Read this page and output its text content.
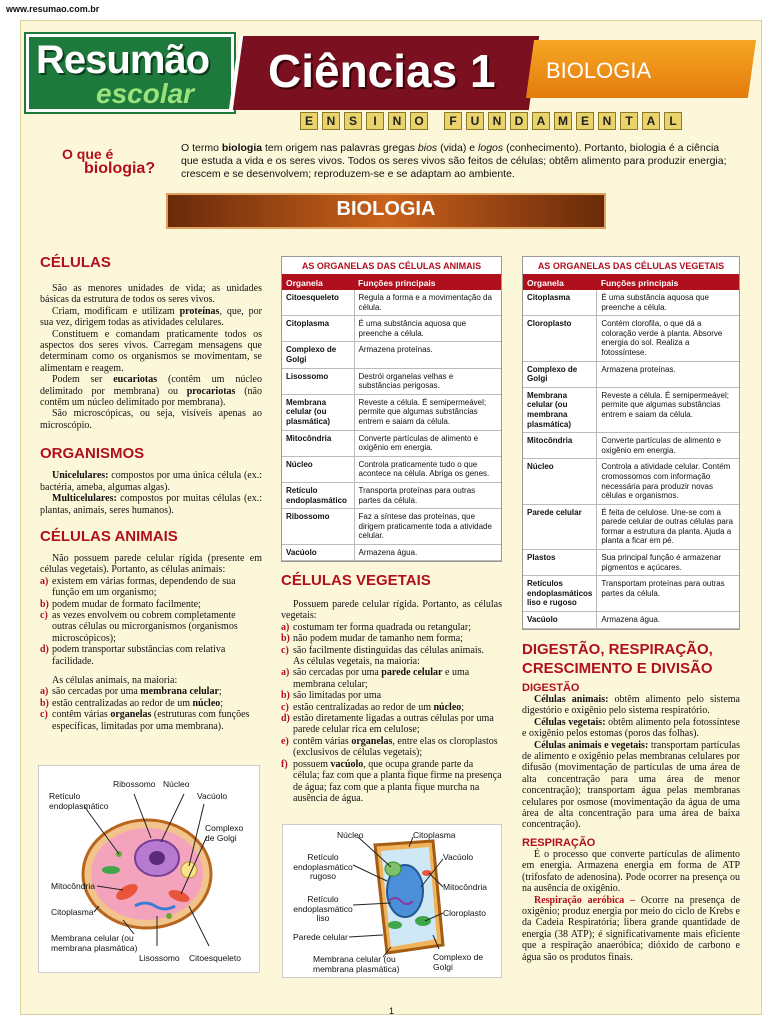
www.resumao.com.br
Resumão
escolar Ciências 1 BIOLOGIA
E	N	S	I	N	O	F	U	N	D	A	M	E	N	T	A	L
O que é
biologia?
O termo biologia tem origem nas palavras gregas bios (vida) e logos (conhecimento). Portanto, biologia é a ciência que estuda a vida e os seres vivos. Todos os seres vivos são feitos de células; obtêm alimento para produzir energia; crescem e se desenvolvem; reproduzem-se e se adaptam ao ambiente.
BIOLOGIA
CÉLULAS

São as menores unidades de vida; as unidades básicas da estrutura de todos os seres vivos.

Criam, modificam e utilizam proteínas, que, por sua vez, dirigem todas as atividades celulares.

Constituem e comandam praticamente todos os aspectos dos seres vivos. Carregam mensagens que determinam como os organismos se movimentam, se alimentam e reagem.

Podem ser eucariotas (contêm um núcleo delimitado por membrana) ou procariotas (não contêm um núcleo delimitado por membrana).

São microscópicas, ou seja, visíveis apenas ao microscópio.

ORGANISMOS

Unicelulares: compostos por uma única célula (ex.: bactéria, ameba, algumas algas).

Multicelulares: compostos por muitas células (ex.: plantas, animais, seres humanos).

CÉLULAS ANIMAIS

Não possuem parede celular rígida (presente em células vegetais). Portanto, as células animais:

a) existem em várias formas, dependendo de sua função em um organismo;
b) podem mudar de formato facilmente;
c) as vezes envolvem ou cobrem completamente outras células ou microrganismos (organismos microscópicos);
d) podem transportar substâncias com relativa facilidade.

As células animais, na maioria:

a) são cercadas por uma membrana celular;
b) estão centralizadas ao redor de um núcleo;
c) contêm várias organelas (estruturas com funções específicas, limitadas por uma membrana).
AS ORGANELAS DAS CÉLULAS ANIMAIS
Organela	Funções principais
Citoesqueleto	Regula a forma e a movimentação da célula.
Citoplasma	É uma substância aquosa que preenche a célula.
Complexo de Golgi	Armazena proteínas.
Lisossomo	Destrói organelas velhas e substâncias perigosas.
Membrana celular (ou plasmática)	Reveste a célula. É semipermeável; permite que algumas substâncias entrem e saiam da célula.
Mitocôndria	Converte partículas de alimento e oxigênio em energia.
Núcleo	Controla praticamente tudo o que acontece na célula. Abriga os genes.
Retículo endoplasmático	Transporta proteínas para outras partes da célula.
Ribossomo	Faz a síntese das proteínas, que dirigem praticamente toda a atividade celular.
Vacúolo	Armazena água.
AS ORGANELAS DAS CÉLULAS VEGETAIS
Organela	Funções principais
Citoplasma	É uma substância aquosa que preenche a célula.
Cloroplasto	Contém clorofila, o que dá a coloração verde à planta. Absorve energia do sol. Realiza a fotossíntese.
Complexo de Golgi	Armazena proteínas.
Membrana celular (ou membrana plasmática)	Reveste a célula. É semipermeável; permite que algumas substâncias entrem e saiam da célula.
Mitocôndria	Converte partículas de alimento e oxigênio em energia.
Núcleo	Controla a atividade celular. Contém cromossomos com informação necessária para produzir novas células e organismos.
Parede celular	É feita de celulose. Une-se com a parede celular de outras células para formar a estrutura da planta. Ajuda a planta a ficar em pé.
Plastos	Sua principal função é armazenar pigmentos e açúcares.
Retículos endoplasmáticos liso e rugoso	Transportam proteínas para outras partes da célula.
Vacúolo	Armazena água.
CÉLULAS VEGETAIS

Possuem parede celular rígida. Portanto, as células vegetais:

a) costumam ter forma quadrada ou retangular;
b) não podem mudar de tamanho nem forma;
c) são facilmente distinguidas das células animais.

As células vegetais, na maioria:

a) são cercadas por uma parede celular e uma membrana celular;
b) são limitadas por uma
c) estão centralizadas ao redor de um núcleo;
d) estão diretamente ligadas a outras células por uma parede celular rica em celulose;
e) contêm várias organelas, entre elas os cloroplastos (exclusivos de células vegetais);
f) possuem vacúolo, que ocupa grande parte da célula; faz com que a planta fique firme na presença de água; faz com que a planta fique murcha na ausência de água.
DIGESTÃO, RESPIRAÇÃO, CRESCIMENTO E DIVISÃO
DIGESTÃO

Células animais: obtêm alimento pelo sistema digestório e oxigênio pelo sistema respiratório.

Células vegetais: obtêm alimento pela fotossíntese e oxigênio pelos estomas (poros das folhas).

Células animais e vegetais: transportam partículas de alimento e oxigênio pelas membranas celulares por difusão (movimentação de partículas de uma área de alta concentração para uma área de menor concentração); transportam água pelas membranas celulares por osmose (movimentação da água de uma área de alta concentração para uma área de baixa concentração).

RESPIRAÇÃO

É o processo que converte partículas de alimento em energia. Armazena energia em forma de ATP (trifosfato de adenosina). Pode ocorrer na presença ou na ausência de oxigênio.

Respiração aeróbica – Ocorre na presença de oxigênio; produz energia por meio do ciclo de Krebs e da Cadeia Respiratória; libera grande quantidade de energia (38 ATP); é significativamente mais eficiente que a respiração anaeróbica; dióxido de carbono e água são os produtos finais.

Ribossomo Núcleo
Retículo endoplasmático
Vacúolo
Complexo de Golgi
Mitocôndria
Citoplasma
Membrana celular (ou membrana plasmática)
Lisossomo Citoesqueleto
Núcleo	Citoplasma
Retículo endoplasmático rugoso
Vacúolo
Mitocôndria
Retículo endoplasmático liso	Cloroplasto
Parede celular
Membrana celular (ou membrana plasmática)
Complexo de Golgi
1
